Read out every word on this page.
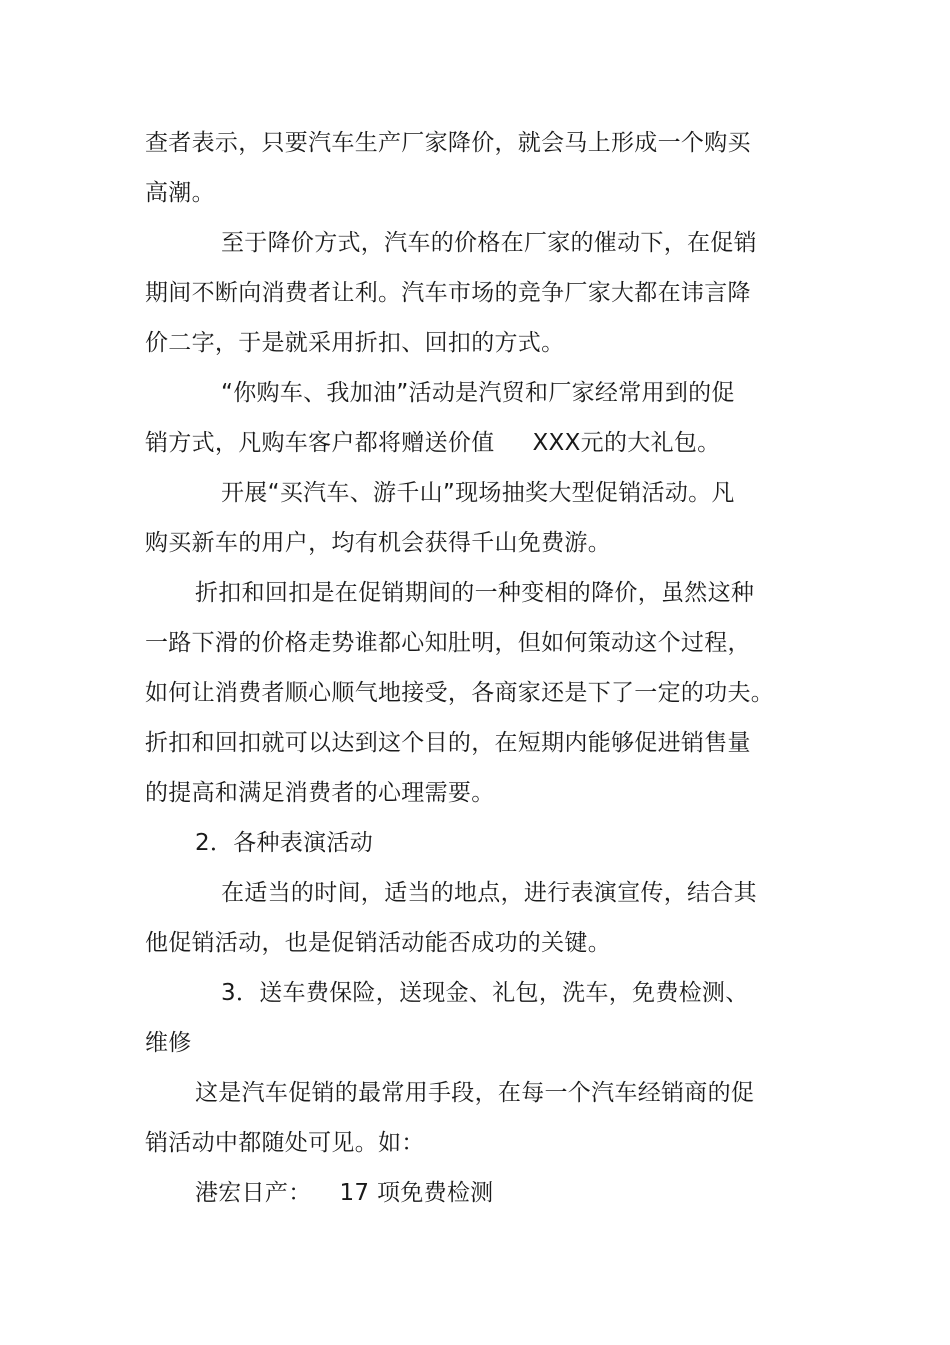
查者表示，只要汽车生产厂家降价，就会马上形成一个购买
高潮。
至于降价方式，汽车的价格在厂家的催动下，在促销
期间不断向消费者让利。汽车市场的竞争厂家大都在讳言降
价二字，于是就采用折扣、回扣的方式。
“你购车、我加油”活动是汽贸和厂家经常用到的促
销方式，凡购车客户都将赠送价值 XXX元的大礼包。
开展“买汽车、游千山”现场抽奖大型促销活动。凡
购买新车的用户，均有机会获得千山免费游。
折扣和回扣是在促销期间的一种变相的降价，虽然这种
一路下滑的价格走势谁都心知肚明，但如何策动这个过程，
如何让消费者顺心顺气地接受，各商家还是下了一定的功夫。
折扣和回扣就可以达到这个目的，在短期内能够促进销售量
的提高和满足消费者的心理需要。
2．各种表演活动
在适当的时间，适当的地点，进行表演宣传，结合其
他促销活动，也是促销活动能否成功的关键。
3．送车费保险，送现金、礼包，洗车，免费检测、
维修
这是汽车促销的最常用手段，在每一个汽车经销商的促
销活动中都随处可见。如：
港宏日产： 17 项免费检测
